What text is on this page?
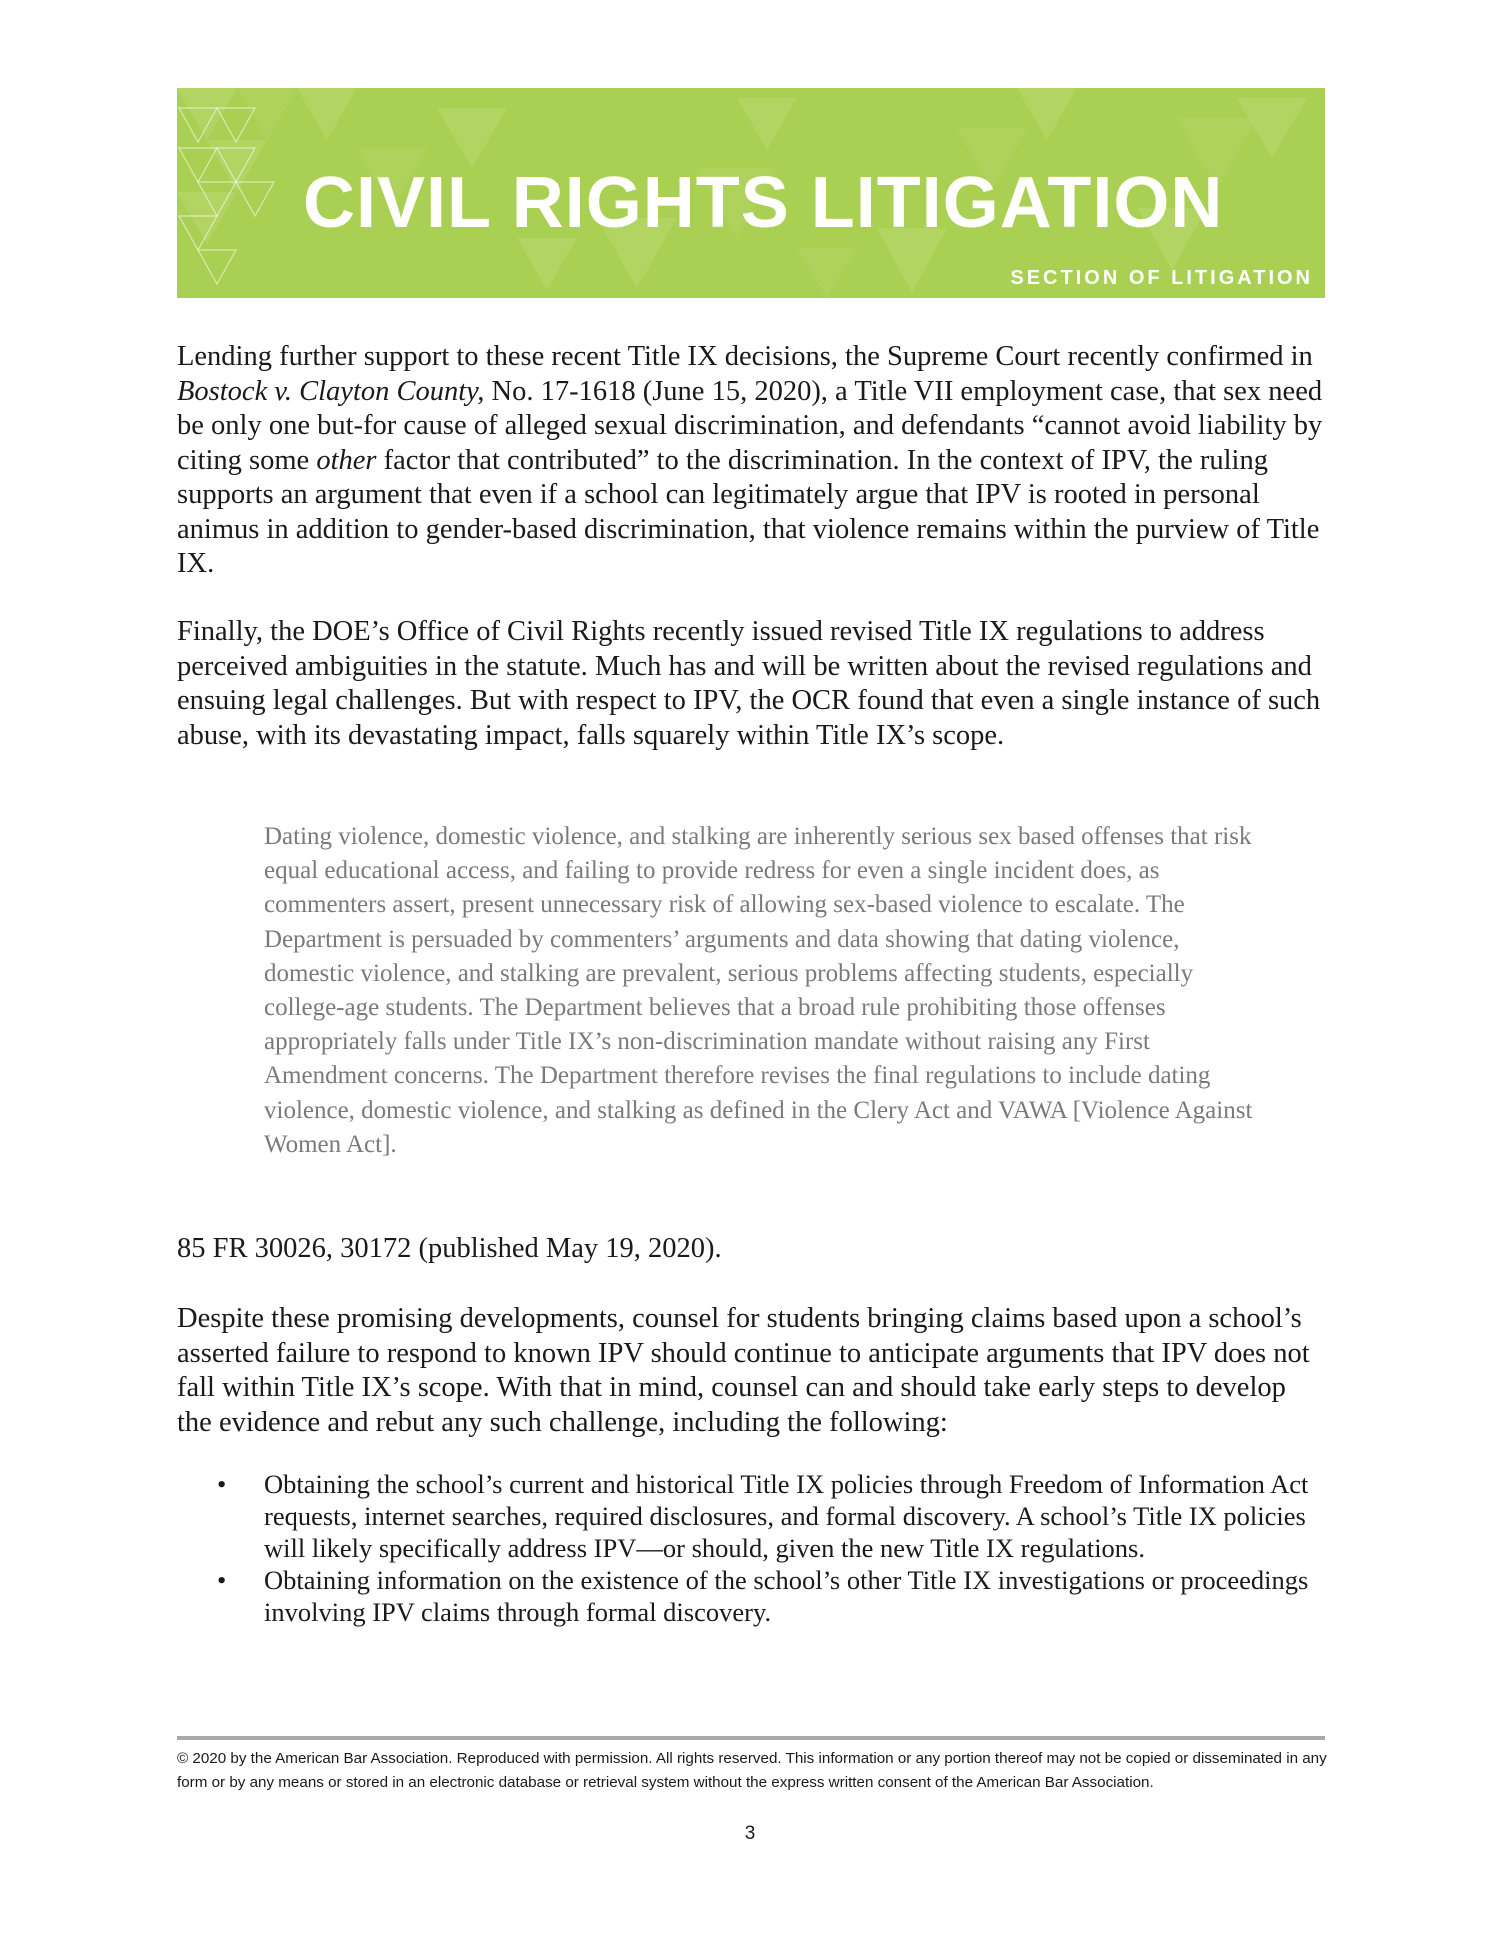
CIVIL RIGHTS LITIGATION
SECTION OF LITIGATION

Lending further support to these recent Title IX decisions, the Supreme Court recently confirmed in Bostock v. Clayton County, No. 17-1618 (June 15, 2020), a Title VII employment case, that sex need be only one but-for cause of alleged sexual discrimination, and defendants “cannot avoid liability by citing some other factor that contributed” to the discrimination. In the context of IPV, the ruling supports an argument that even if a school can legitimately argue that IPV is rooted in personal animus in addition to gender-based discrimination, that violence remains within the purview of Title IX.

Finally, the DOE’s Office of Civil Rights recently issued revised Title IX regulations to address perceived ambiguities in the statute. Much has and will be written about the revised regulations and ensuing legal challenges. But with respect to IPV, the OCR found that even a single instance of such abuse, with its devastating impact, falls squarely within Title IX’s scope.

Dating violence, domestic violence, and stalking are inherently serious sex based offenses that risk equal educational access, and failing to provide redress for even a single incident does, as commenters assert, present unnecessary risk of allowing sex-based violence to escalate. The Department is persuaded by commenters’ arguments and data showing that dating violence, domestic violence, and stalking are prevalent, serious problems affecting students, especially college-age students. The Department believes that a broad rule prohibiting those offenses appropriately falls under Title IX’s non-discrimination mandate without raising any First Amendment concerns. The Department therefore revises the final regulations to include dating violence, domestic violence, and stalking as defined in the Clery Act and VAWA [Violence Against Women Act].

85 FR 30026, 30172 (published May 19, 2020).

Despite these promising developments, counsel for students bringing claims based upon a school’s asserted failure to respond to known IPV should continue to anticipate arguments that IPV does not fall within Title IX’s scope. With that in mind, counsel can and should take early steps to develop the evidence and rebut any such challenge, including the following:

• Obtaining the school’s current and historical Title IX policies through Freedom of Information Act requests, internet searches, required disclosures, and formal discovery. A school’s Title IX policies will likely specifically address IPV—or should, given the new Title IX regulations.
• Obtaining information on the existence of the school’s other Title IX investigations or proceedings involving IPV claims through formal discovery.

© 2020 by the American Bar Association. Reproduced with permission. All rights reserved. This information or any portion thereof may not be copied or disseminated in any form or by any means or stored in an electronic database or retrieval system without the express written consent of the American Bar Association.

3
